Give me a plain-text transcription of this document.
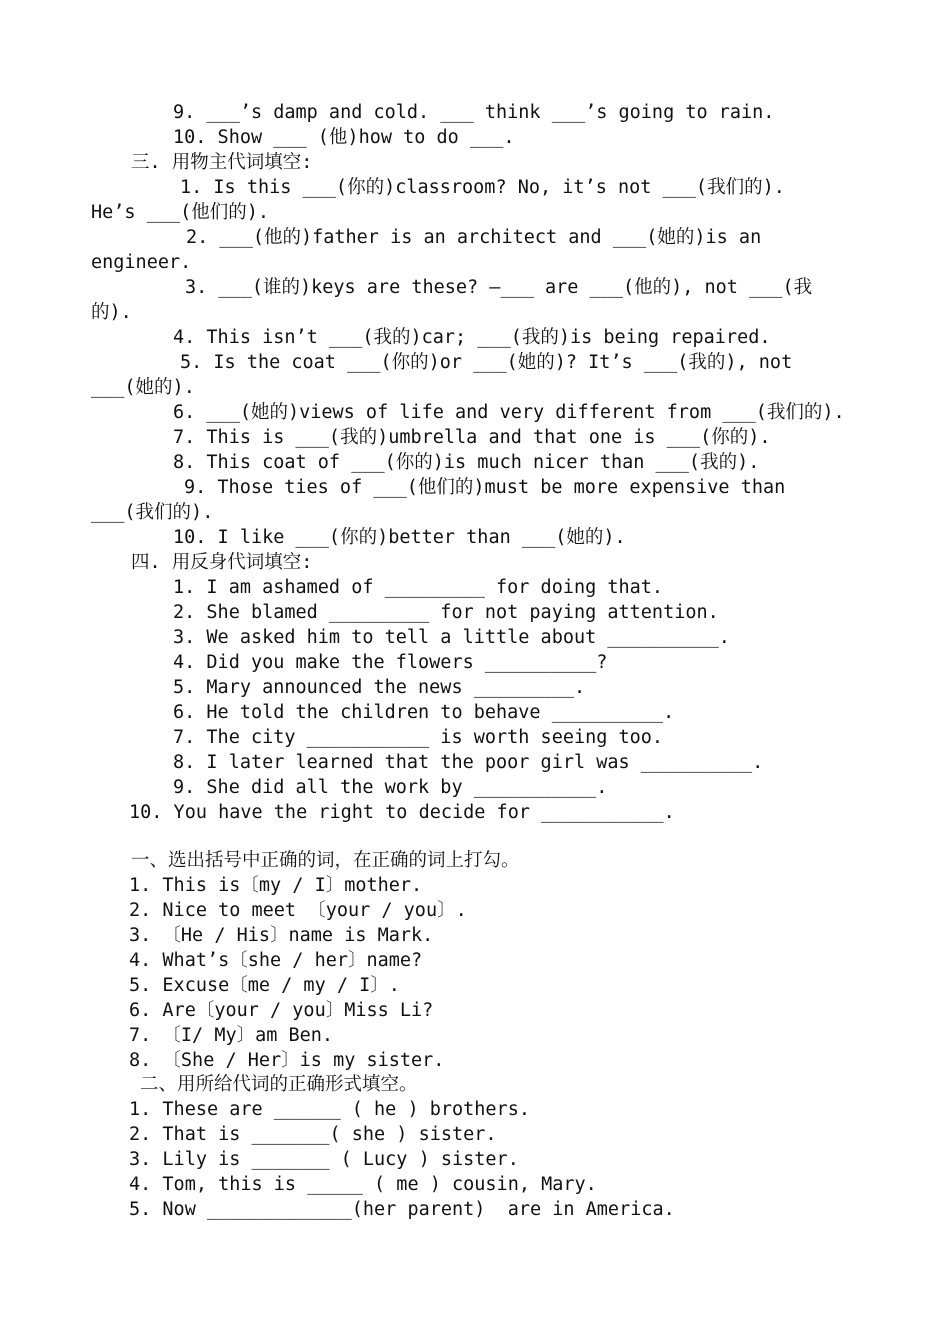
9. ___’s damp and cold. ___ think ___’s going to rain.
10. Show ___ (他)how to do ___.
三. 用物主代词填空:
1. Is this ___(你的)classroom? No, it’s not ___(我们的).
He’s ___(他们的).
2. ___(他的)father is an architect and ___(她的)is an
engineer.
3. ___(谁的)keys are these? —___ are ___(他的), not ___(我
的).
4. This isn’t ___(我的)car; ___(我的)is being repaired.
5. Is the coat ___(你的)or ___(她的)? It’s ___(我的), not
___(她的).
6. ___(她的)views of life and very different from ___(我们的).
7. This is ___(我的)umbrella and that one is ___(你的).
8. This coat of ___(你的)is much nicer than ___(我的).
9. Those ties of ___(他们的)must be more expensive than
___(我们的).
10. I like ___(你的)better than ___(她的).
四. 用反身代词填空:
1. I am ashamed of _________ for doing that.
2. She blamed _________ for not paying attention.
3. We asked him to tell a little about __________.
4. Did you make the flowers __________?
5. Mary announced the news _________.
6. He told the children to behave __________.
7. The city ___________ is worth seeing too.
8. I later learned that the poor girl was __________.
9. She did all the work by ___________.
10. You have the right to decide for ___________.
一、选出括号中正确的词，在正确的词上打勾。
1. This is〔my / I〕mother.
2. Nice to meet 〔your / you〕.
3. 〔He / His〕name is Mark.
4. What’s〔she / her〕name?
5. Excuse〔me / my / I〕.
6. Are〔your / you〕Miss Li?
7. 〔I/ My〕am Ben.
8. 〔She / Her〕is my sister.
二、用所给代词的正确形式填空。
1. These are ______ ( he ) brothers.
2. That is _______( she ) sister.
3. Lily is _______ ( Lucy ) sister.
4. Tom, this is _____ ( me ) cousin, Mary.
5. Now _____________(her parent)  are in America.
